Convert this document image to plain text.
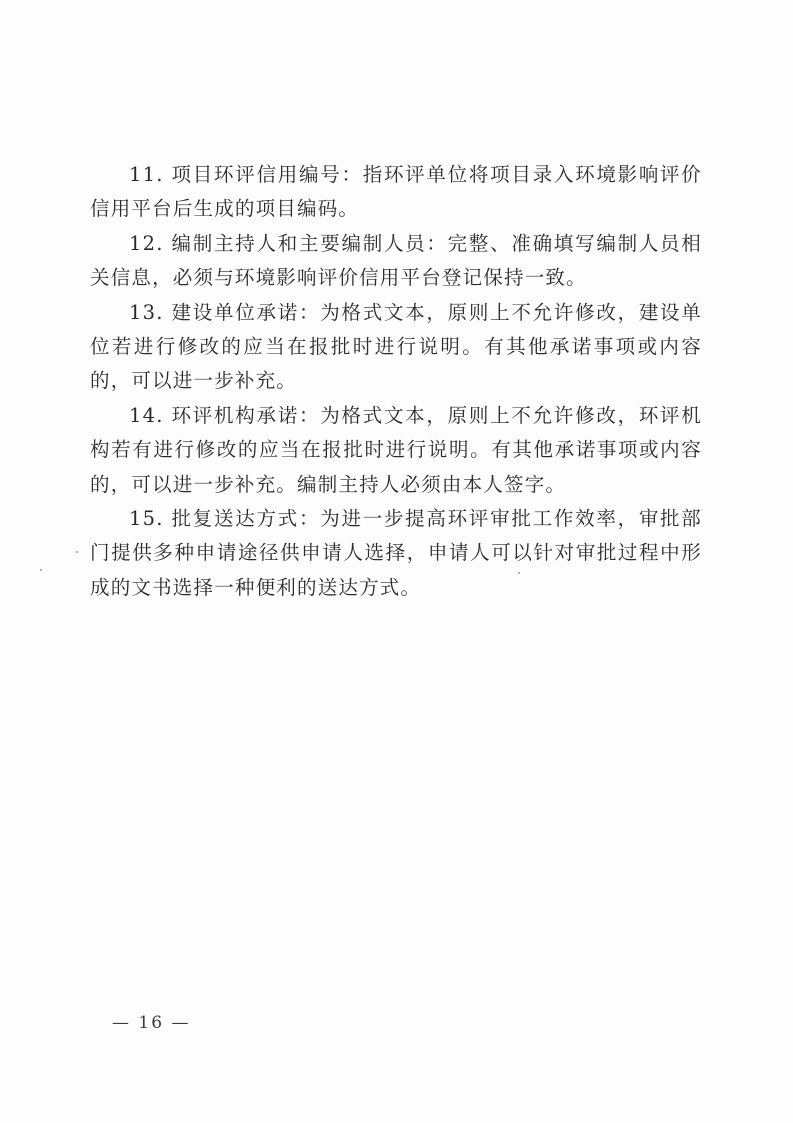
11. 项目环评信用编号：指环评单位将项目录入环境影响评价信用平台后生成的项目编码。

12. 编制主持人和主要编制人员：完整、准确填写编制人员相关信息，必须与环境影响评价信用平台登记保持一致。

13. 建设单位承诺：为格式文本，原则上不允许修改，建设单位若进行修改的应当在报批时进行说明。有其他承诺事项或内容的，可以进一步补充。

14. 环评机构承诺：为格式文本，原则上不允许修改，环评机构若有进行修改的应当在报批时进行说明。有其他承诺事项或内容的，可以进一步补充。编制主持人必须由本人签字。

15. 批复送达方式：为进一步提高环评审批工作效率，审批部门提供多种申请途径供申请人选择，申请人可以针对审批过程中形成的文书选择一种便利的送达方式。

— 16 —
